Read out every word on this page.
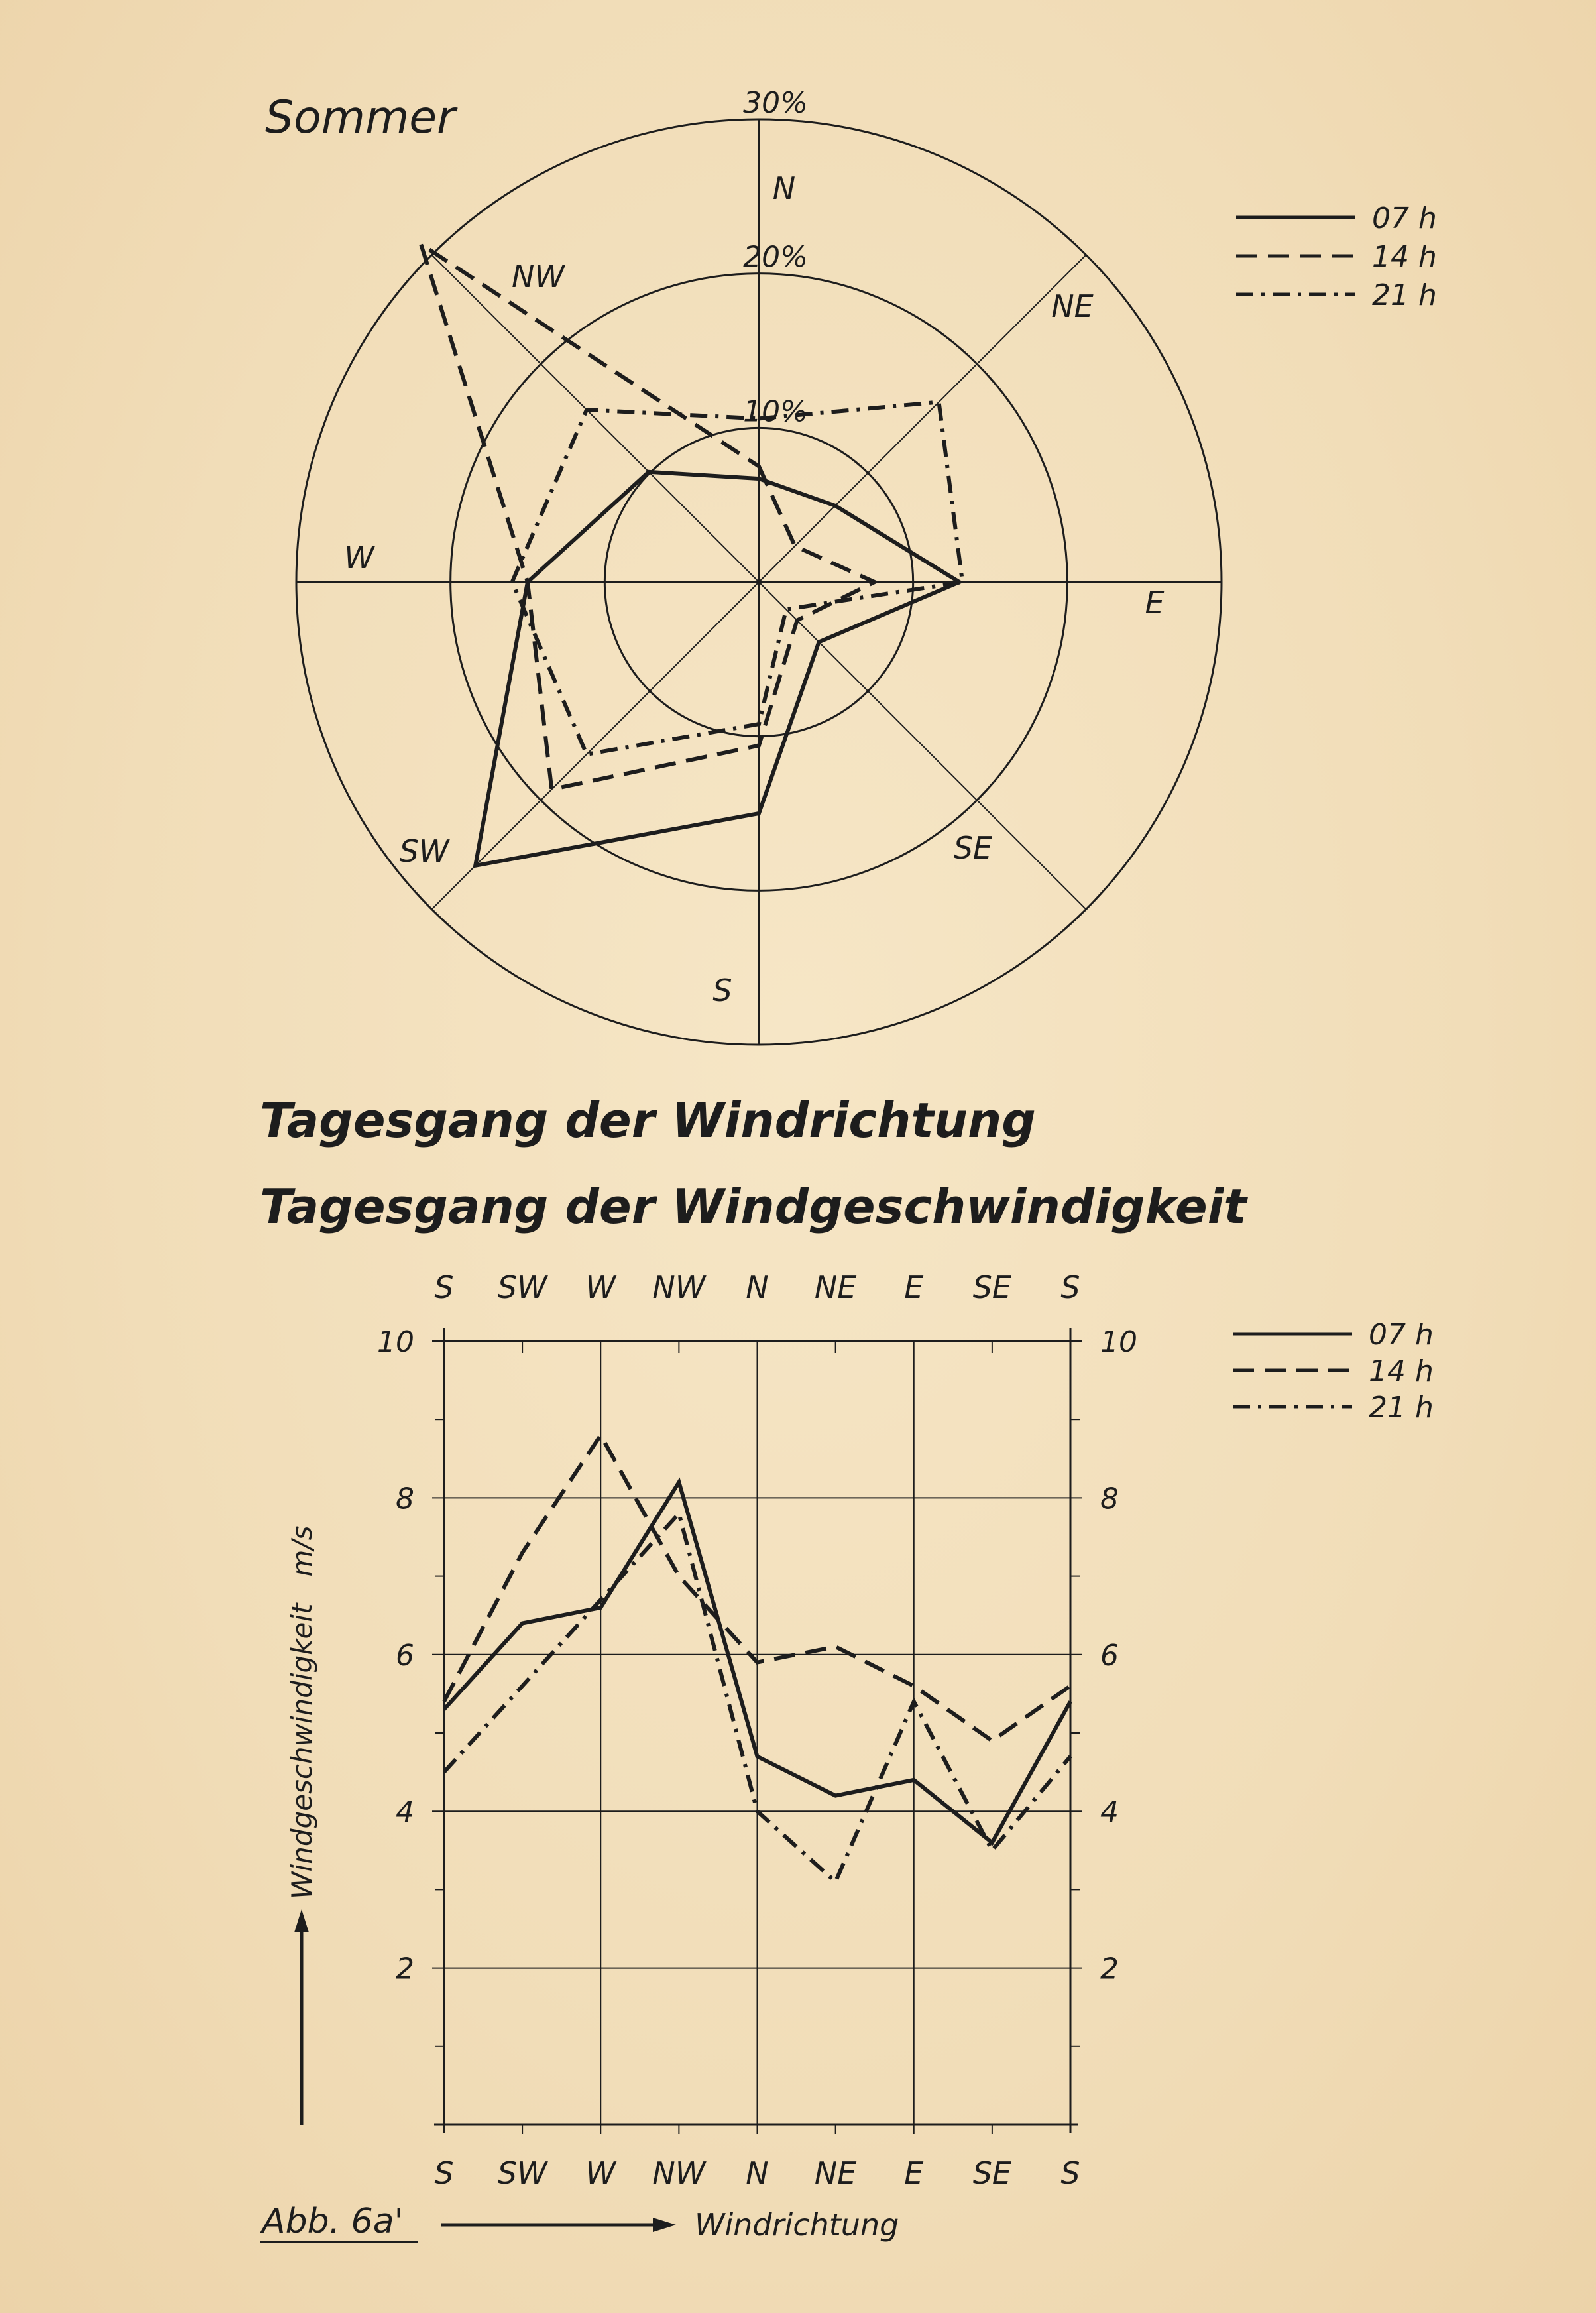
Sommer
10%
20%
30%
N
NE
E
SE
S
SW
W
NW
07 h
14 h
21 h
07 h
14 h
21 h
Tagesgang der Windrichtung
Tagesgang der Windgeschwindigkeit
2	2
4	4
6	6
8	8
10	10
S
S
SW
SW
W
W
NW
NW
N
N
NE
NE
E
E
SE
SE
S
S
Windgeschwindigkeit   m/s
Windrichtung
Abb. 6a'
